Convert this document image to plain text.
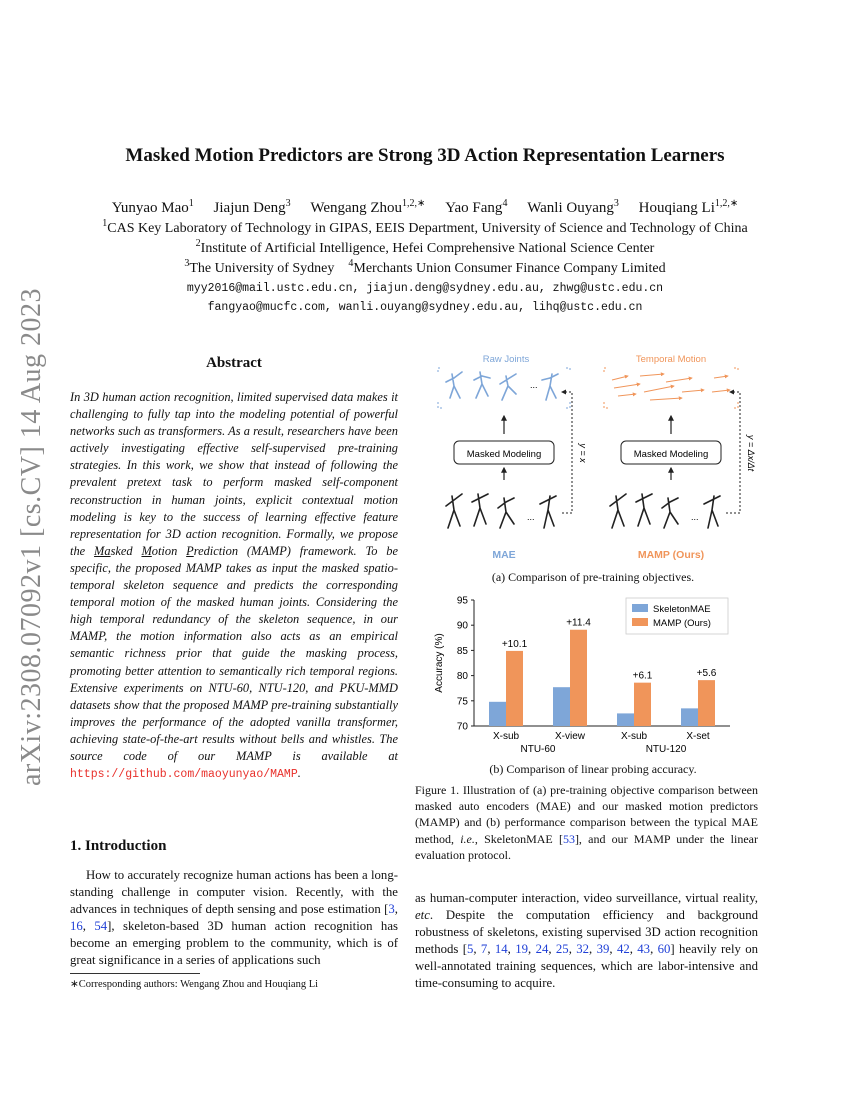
arXiv:2308.07092v1 [cs.CV] 14 Aug 2023
Masked Motion Predictors are Strong 3D Action Representation Learners
Yunyao Mao$^1$ Jiajun Deng$^3$ Wengang Zhou$^{1,2,∗}$ Yao Fang$^4$ Wanli Ouyang$^3$ Houqiang $Li^{1,2,∗}$
$^1$CAS Key Laboratory of Technology in GIPAS, EEIS Department, University of Science and Technology of China
$^2$Institute of Artificial Intelligence, Hefei Comprehensive National Science Center
$^3$The University of Sydney $^4$Merchants Union Consumer Finance Company Limited
myy2016@mail.ustc.edu.cn, jiajun.deng@sydney.edu.au, zhwg@ustc.edu.cn
fangyao@mucfc.com, wanli.ouyang@sydney.edu.au, lihq@ustc.edu.cn
Abstract
In 3D human action recognition, limited supervised data makes it challenging to fully tap into the modeling potential of powerful networks such as transformers. As a result, researchers have been actively investigating effective self-supervised pre-training strategies. In this work, we show that instead of following the prevalent pretext task to perform masked self-component reconstruction in human joints, explicit contextual motion modeling is key to the success of learning effective feature representation for 3D action recognition. Formally, we propose the Masked Motion Prediction (MAMP) framework. To be specific, the proposed MAMP takes as input the masked spatio-temporal skeleton sequence and predicts the corresponding temporal motion of the masked human joints. Considering the high temporal redundancy of the skeleton sequence, in our MAMP, the motion information also acts as an empirical semantic richness prior that guide the masking process, promoting better attention to semantically rich temporal regions. Extensive experiments on NTU-60, NTU-120, and PKU-MMD datasets show that the proposed MAMP pre-training substantially improves the performance of the adopted vanilla transformer, achieving state-of-the-art results without bells and whistles. The source code of our MAMP is available at https://github.com/maoyunyao/MAMP.
1. Introduction
How to accurately recognize human actions has been a long-standing challenge in computer vision. Recently, with the advances in techniques of depth sensing and pose estimation [3, 16, 54], skeleton-based 3D human action recognition has become an emerging problem to the community, which is of great significance in a series of applications such
∗Corresponding authors: Wengang Zhou and Houqiang Li
Raw Joints
...
Masked Modeling
...
y = x
MAE
Temporal Motion
Masked Modeling
...
y = Δx/Δt
MAMP (Ours)
(a) Comparison of pre-training objectives.
70
75
80
85
90
95
Accuracy (%)	+10.1
X-sub
+11.4
X-view
+6.1
X-sub
+5.6
X-set
NTU-60	NTU-120
SkeletonMAE
MAMP (Ours)
(b) Comparison of linear probing accuracy.
Figure 1. Illustration of (a) pre-training objective comparison between masked auto encoders (MAE) and our masked motion predictors (MAMP) and (b) performance comparison between the typical MAE method, i.e., SkeletonMAE [53], and our MAMP under the linear evaluation protocol.
as human-computer interaction, video surveillance, virtual reality, etc. Despite the computation efficiency and background robustness of skeletons, existing supervised 3D action recognition methods [5, 7, 14, 19, 24, 25, 32, 39, 42, 43, 60] heavily rely on well-annotated training sequences, which are labor-intensive and time-consuming to acquire.
